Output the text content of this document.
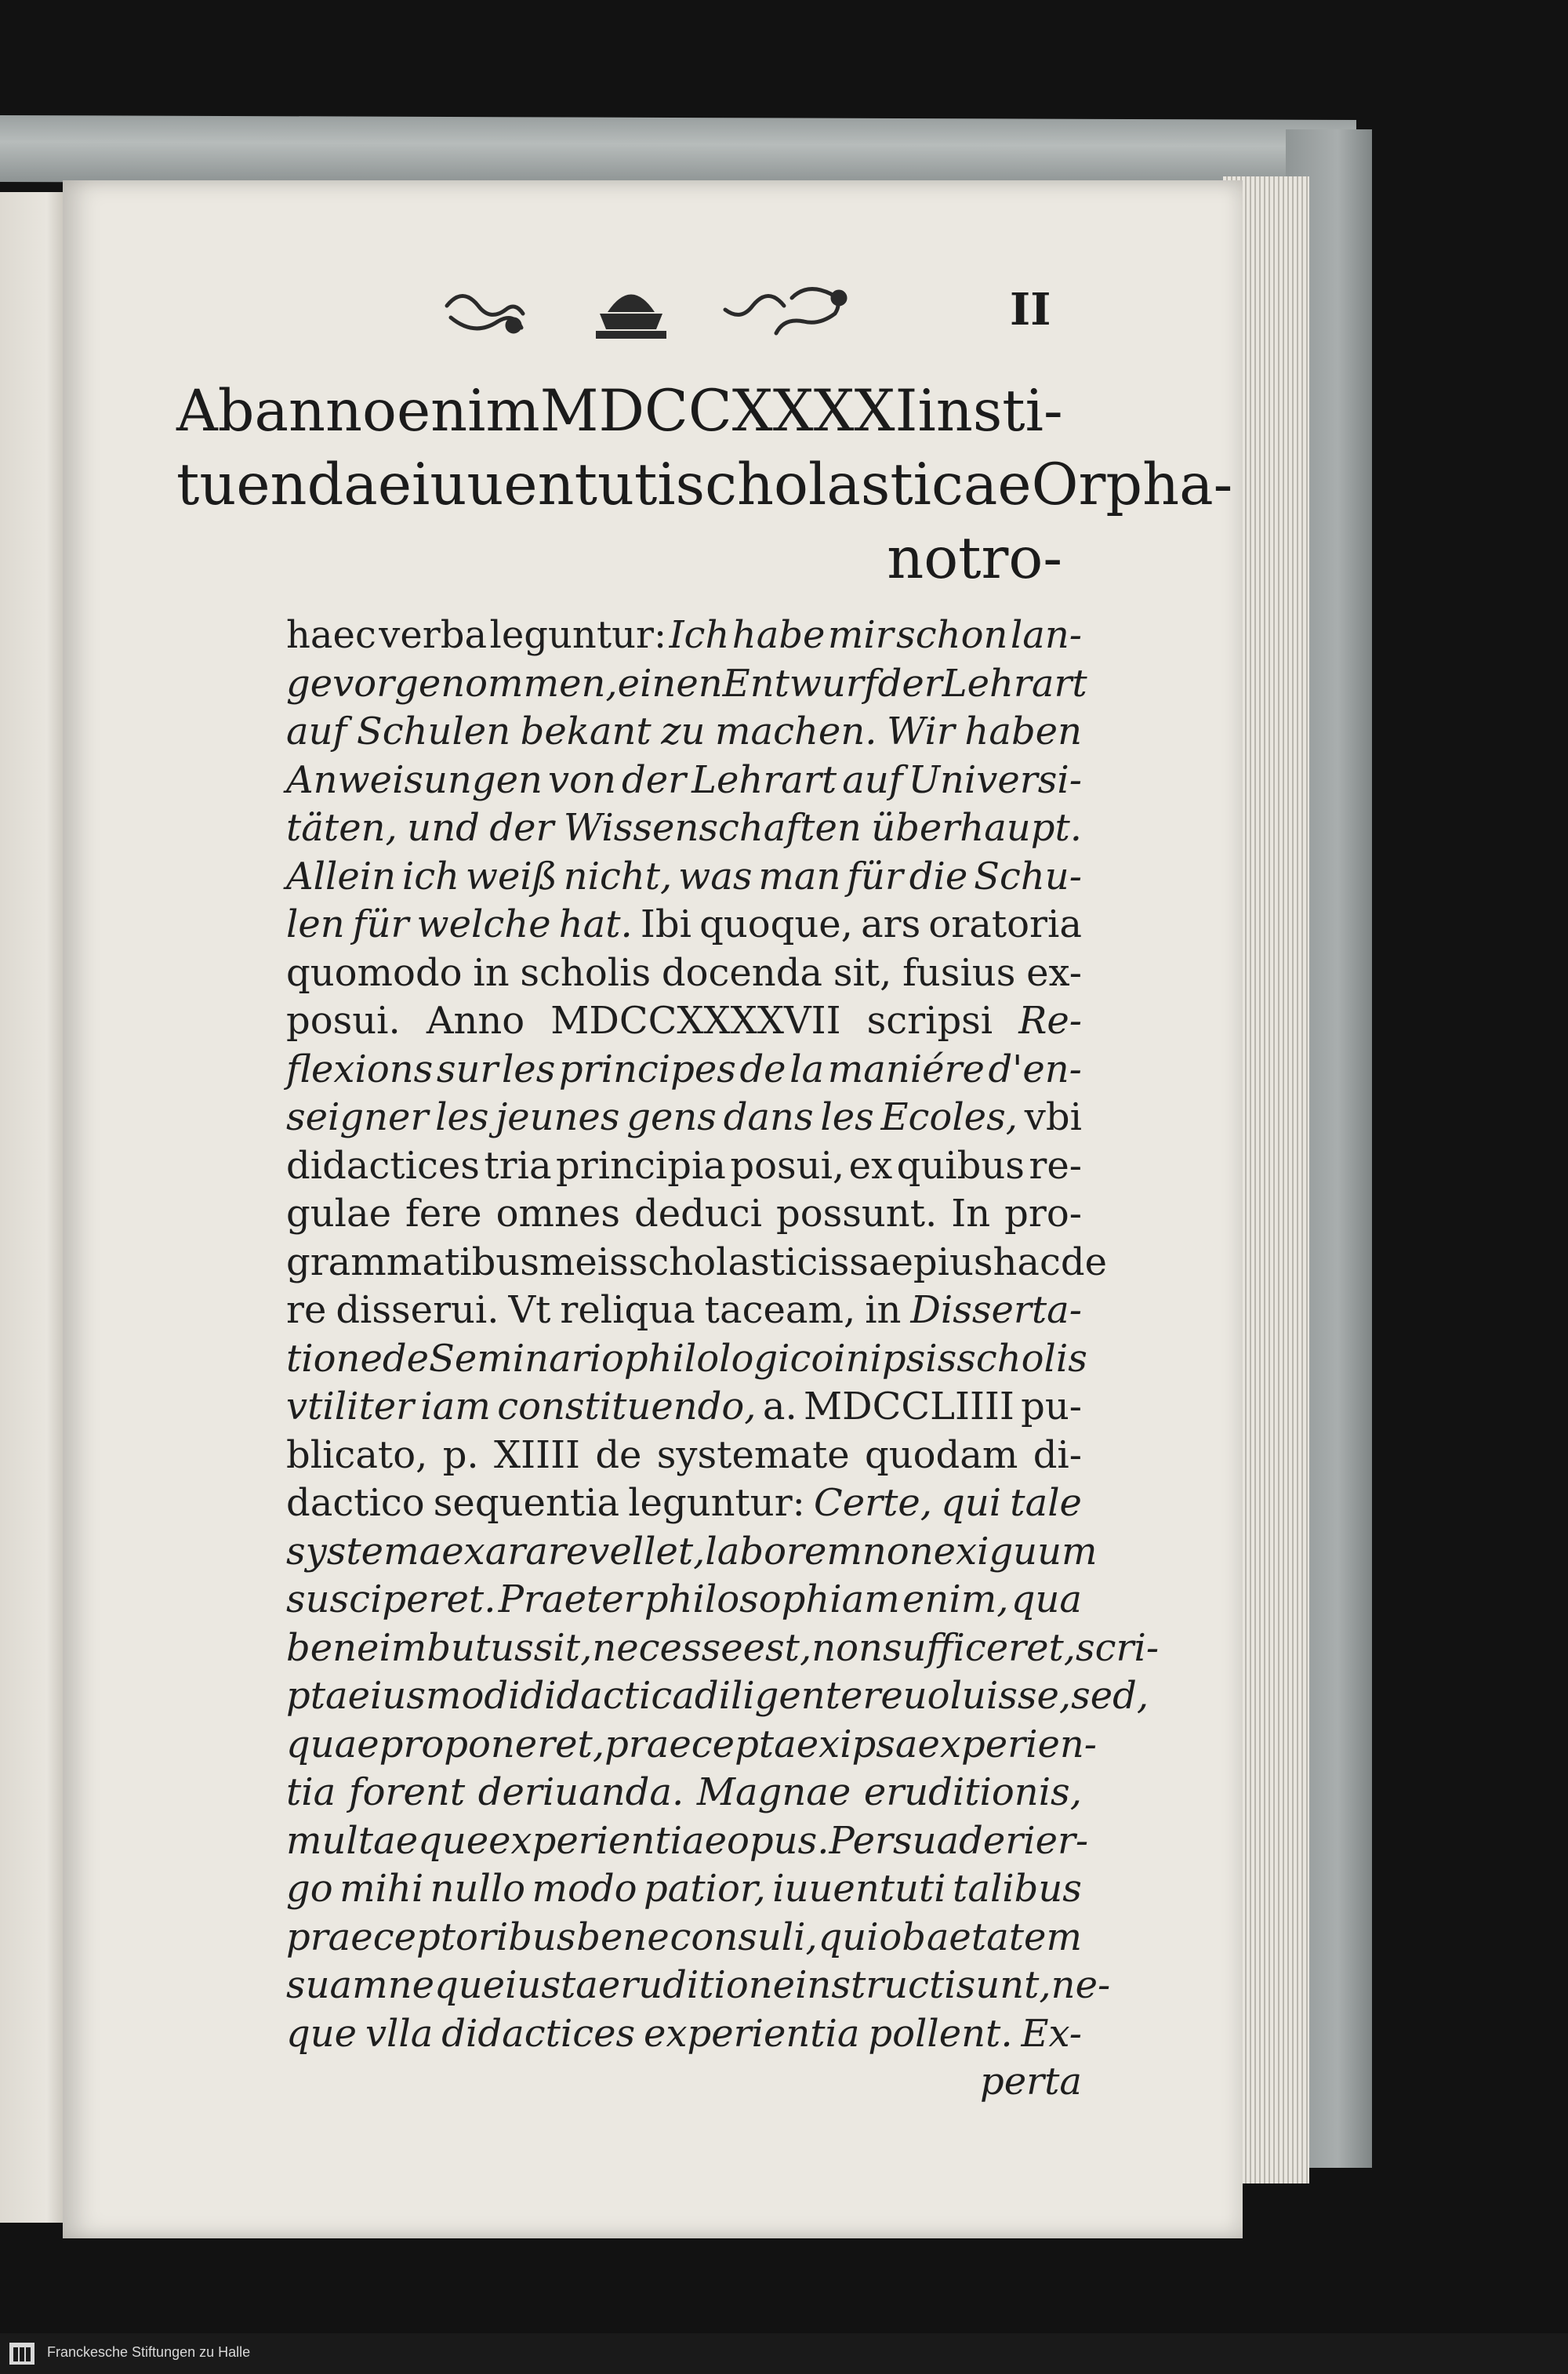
II
Ab anno enim MDCCXXXXI insti-
tuendae iuuentuti scholasticae Orpha-
notro-
haec verba leguntur: Ich habe mir schon lan-
ge vorgenommen, einen Entwurf der Lehrart
auf Schulen bekant zu machen. Wir haben
Anweisungen von der Lehrart auf Universi-
täten, und der Wissenschaften überhaupt.
Allein ich weiß nicht, was man für die Schu-
len für welche hat. Ibi quoque, ars oratoria
quomodo in scholis docenda sit, fusius ex-
posui. Anno MDCCXXXXVII scripsi Re-
flexions sur les principes de la maniére d'en-
seigner les jeunes gens dans les Ecoles, vbi
didactices tria principia posui, ex quibus re-
gulae fere omnes deduci possunt. In pro-
grammatibus meis scholasticis saepius hac de
re disserui. Vt reliqua taceam, in Disserta-
tione de Seminario philologico in ipsis scholis
vtiliter iam constituendo, a. MDCCLIIII pu-
blicato, p. XIIII de systemate quodam di-
dactico sequentia leguntur: Certe, qui tale
systema exarare vellet, laborem non exiguum
susciperet. Praeter philosophiam enim, qua
bene imbutus sit, necesse est, non sufficeret, scri-
pta eiusmodi didactica diligenter euoluisse, sed,
quae proponeret, praecepta ex ipsa experien-
tia forent deriuanda. Magnae eruditionis,
multaeque experientiae opus. Persuaderi er-
go mihi nullo modo patior, iuuentuti talibus
praeceptoribus bene consuli, qui ob aetatem
suam neque iusta eruditione instructi sunt, ne-
que vlla didactices experientia pollent. Ex-
perta
Franckesche Stiftungen zu Halle
